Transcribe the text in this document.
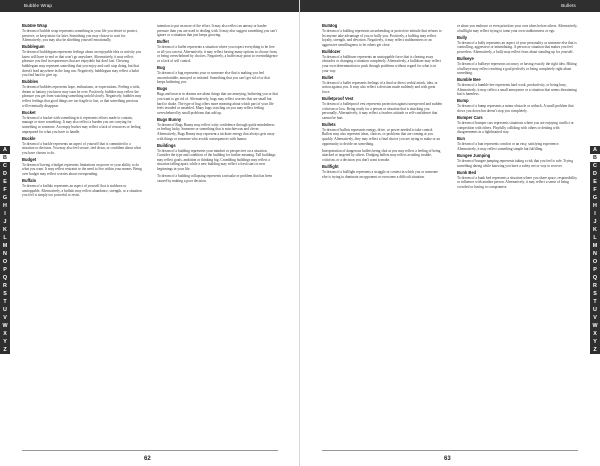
Bubble Wrap
Bubble Wrap
To dream of bubble wrap represents something in your life you desire to protect, preserve, or keep intact for later. Something you may choose to wait for. Alternatively, you may also be shielding yourself emotionally.
Bubblegum
To dream of bubblegum represents feelings about an enjoyable idea or activity you know will have to end or that won't go anywhere. Alternatively, it may reflect pleasure you find in experiences that are enjoyable but don't last. Chewing bubblegum may represent something that you enjoy and can't stop doing, but that doesn't lead anywhere in the long run. Negatively, bubblegum may reflect a habit you find hard to give up.
Bubbles
To dream of bubbles represents hope, enthusiasm, or expectations. Feeling a wish, dream or fantasy you know may soon be over. Positively, bubbles may reflect the pleasure you get from watching something unfold slowly. Negatively, bubbles may reflect feelings that good things are too fragile to last, or that something precious will eventually disappear.
Bucket
To dream of a bucket with something in it represents efforts made to contain, manage or store something. It may also reflect a burden you are carrying for something or someone. An empty bucket may reflect a lack of resources or feeling unprepared for what you have to handle.
Buckle
To dream of a buckle represents an aspect of yourself that is committed to a situation or decision. You may also feel secure, tied down, or confident about what you have chosen to do.
Budget
To dream of having a budget represents limitations on power or your ability to do what you want. It may reflect restraint or the need to live within your means. Being over budget may reflect worries about overspending.
Buffalo
To dream of a buffalo represents an aspect of yourself that is stubborn or unstoppable. Alternatively, a buffalo may reflect abundance, strength, or a situation you feel is simply too powerful to resist.
intention to put on more of the effort. It may also reflect an uneasy or harder pressure than you are used to dealing with. It may also suggest something you can't ignore or a situation that just keeps growing.
Buffet
To dream of a buffet represents a situation where you expect everything to be free or all you can eat. Alternatively, it may reflect having many options to choose from, or being overwhelmed by choices. Negatively, a buffet may point to overindulgence or a lack of self control.
Bug
To dream of a bug represents your or someone else that is making you feel uncomfortable, annoyed or irritated. Something that you can't get rid of or that keeps bothering you.
Bugs
Bugs and insects in dreams are about things that are annoying, bothering you or that you want to get rid of. Alternatively, bugs may reflect worries that are small but hard to shake. The type of bug offers more meaning about which part of your life feels invaded or unsettled. Many bugs crawling on you may reflect feeling overwhelmed by small problems that add up.
Bugs Bunny
To dream of Bugs Bunny may reflect witty confidence through quick-mindedness or feeling lucky. Someone or something that is mischievous and clever. Alternatively, Bugs Bunny may represent a trickster energy that always gets away with things or someone who avoids consequences with humor.
Buildings
To dream of a building represents your mindset or perspective on a situation. Consider the type and condition of the building for further meaning. Tall buildings may reflect goals, ambition or thinking big. Crumbling buildings may reflect a situation falling apart, while a new building may reflect a fresh start or new beginnings in your life.
To dream of a building collapsing represents a mistake or problem that has been caused by making a poor decision.
A
B
C
D
E
F
G
H
I
J
K
L
M
N
O
P
Q
R
S
T
U
V
W
X
Y
Z
62
Bullets
Bulldog
To dream of a bulldog represents an unbending or protective attitude that refuses to let anyone take advantage of you or bully you. Positively, a bulldog may reflect loyalty, strength, and devotion. Negatively, it may reflect stubbornness or an aggressive unwillingness to let others get close.
Bulldozer
To dream of a bulldozer represents an unstoppable force that is clearing away obstacles or changing a situation completely. Alternatively, a bulldozer may reflect your own determination to push through problems without regard for what is in your way.
Bullet
To dream of a bullet represents feelings of a final or direct verbal attack, idea, or action against you. It may also reflect a decision made suddenly and with great force.
Bulletproof Vest
To dream of a bulletproof vest represents protection against unexpected and sudden criticism or loss. Being ready for a person or situation that is attacking you personally. Alternatively, it may reflect a fearless attitude or self-confidence that cannot be hurt.
Bullets
To dream of bullets represents energy, drive, or power needed to take control. Bullets may also represent ideas, choices, or problems that are coming at you quickly. Alternatively, they may reflect a final choice you are trying to make or an opportunity to decide on something.
Interpretation of dangerous bullets being shot at you may reflect a feeling of being attacked or targeted by others. Dodging bullets may reflect avoiding trouble, criticism, or a decision you don't want to make.
Bullfight
To dream of a bullfight represents a struggle or contest in which you or someone else is trying to dominate an opponent or overcome a difficult situation.
or alone you embrace or even prioritize your own ideas before others. Alternatively, a bullfight may reflect trying to tame your own stubbornness or ego.
Bully
To dream of a bully represents an aspect of your personality or someone else that is controlling, aggressive or intimidating. A person or situation that makes you feel powerless. Alternatively, a bully may reflect fears about standing up for yourself.
Bullseye
To dream of a bullseye represents accuracy or having exactly the right idea. Hitting a bullseye may reflect reaching a goal perfectly or being completely right about something.
Bumble Bee
To dream of a bumble bee represents hard work, productivity, or being busy. Alternatively, it may reflect a small annoyance or a situation that seems threatening but is harmless.
Bump
To dream of a bump represents a minor obstacle or setback. A small problem that slows you down but doesn't stop you completely.
Bumper Cars
To dream of bumper cars represents situations where you are enjoying conflict or competition with others. Playfully colliding with others or dealing with disagreements in a lighthearted way.
Bun
To dream of a bun represents comfort or an easy, satisfying experience. Alternatively, it may reflect something simple but fulfilling.
Bungee Jumping
To dream of bungee jumping represents taking a risk that you feel is safe. Trying something daring while knowing you have a safety net or way to recover.
Bunk Bed
To dream of a bunk bed represents a situation where you share space, responsibility or influence with another person. Alternatively, it may reflect a sense of being crowded or having to compromise.
A
B
C
D
E
F
G
H
I
J
K
L
M
N
O
P
Q
R
S
T
U
V
W
X
Y
Z
63
